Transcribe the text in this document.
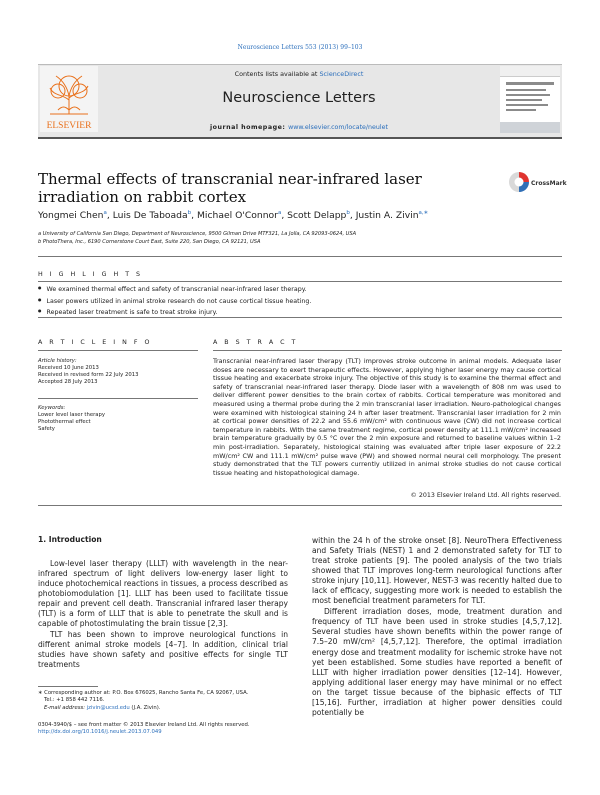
Neuroscience Letters 553 (2013) 99–103
ELSEVIER
Contents lists available at ScienceDirect
Neuroscience Letters
journal homepage: www.elsevier.com/locate/neulet
Thermal effects of transcranial near-infrared laser irradiation on rabbit cortex
CrossMark
Yongmei Chen$^a$, Luis De Taboada$^b$, Michael O'Connor$^a$, Scott Delapp$^b$, Justin A. Zivin$^{a,∗}$
a University of California San Diego, Department of Neuroscience, 9500 Gilman Drive MTF321, La Jolla, CA 92093-0624, USA
b PhotoThera, Inc., 6190 Cornerstone Court East, Suite 220, San Diego, CA 92121, USA
H I G H L I G H T S
● We examined thermal effect and safety of transcranial near-infrared laser therapy.
● Laser powers utilized in animal stroke research do not cause cortical tissue heating.
● Repeated laser treatment is safe to treat stroke injury.
A R T I C L E I N F O	A B S T R A C T
Article history:
Received 10 June 2013
Received in revised form 22 July 2013
Accepted 28 July 2013
Keywords:
Lower level laser therapy
Photothermal effect
Safety
Transcranial near-infrared laser therapy (TLT) improves stroke outcome in animal models. Adequate laser doses are necessary to exert therapeutic effects. However, applying higher laser energy may cause cortical tissue heating and exacerbate stroke injury. The objective of this study is to examine the thermal effect and safety of transcranial near-infrared laser therapy. Diode laser with a wavelength of 808 nm was used to deliver different power densities to the brain cortex of rabbits. Cortical temperature was monitored and measured using a thermal probe during the 2 min transcranial laser irradiation. Neuro-pathological changes were examined with histological staining 24 h after laser treatment. Transcranial laser irradiation for 2 min at cortical power densities of 22.2 and 55.6 mW/cm² with continuous wave (CW) did not increase cortical temperature in rabbits. With the same treatment regime, cortical power density at 111.1 mW/cm² increased brain temperature gradually by 0.5 °C over the 2 min exposure and returned to baseline values within 1–2 min post-irradiation. Separately, histological staining was evaluated after triple laser exposure of 22.2 mW/cm² CW and 111.1 mW/cm² pulse wave (PW) and showed normal neural cell morphology. The present study demonstrated that the TLT powers currently utilized in animal stroke studies do not cause cortical tissue heating and histopathological damage.
© 2013 Elsevier Ireland Ltd. All rights reserved.
1. Introduction

Low-level laser therapy (LLLT) with wavelength in the near-infrared spectrum of light delivers low-energy laser light to induce photochemical reactions in tissues, a process described as photobiomodulation [1]. LLLT has been used to facilitate tissue repair and prevent cell death. Transcranial infrared laser therapy (TLT) is a form of LLLT that is able to penetrate the skull and is capable of photostimulating the brain tissue [2,3].

TLT has been shown to improve neurological functions in different animal stroke models [4–7]. In addition, clinical trial studies have shown safety and positive effects for single TLT treatments

within the 24 h of the stroke onset [8]. NeuroThera Effectiveness and Safety Trials (NEST) 1 and 2 demonstrated safety for TLT to treat stroke patients [9]. The pooled analysis of the two trials showed that TLT improves long-term neurological functions after stroke injury [10,11]. However, NEST-3 was recently halted due to lack of efficacy, suggesting more work is needed to establish the most beneficial treatment parameters for TLT.

Different irradiation doses, mode, treatment duration and frequency of TLT have been used in stroke studies [4,5,7,12]. Several studies have shown benefits within the power range of 7.5–20 mW/cm² [4,5,7,12]. Therefore, the optimal irradiation energy dose and treatment modality for ischemic stroke have not yet been established. Some studies have reported a benefit of LLLT with higher irradiation power densities [12–14]. However, applying additional laser energy may have minimal or no effect on the target tissue because of the biphasic effects of TLT [15,16]. Further, irradiation at higher power densities could potentially be

∗ Corresponding author at: P.O. Box 676025, Rancho Santa Fe, CA 92067, USA.
Tel.: +1 858 442 7116.
E-mail address: jzivin@ucsd.edu (J.A. Zivin).
0304-3940/$ – see front matter © 2013 Elsevier Ireland Ltd. All rights reserved.
http://dx.doi.org/10.1016/j.neulet.2013.07.049
